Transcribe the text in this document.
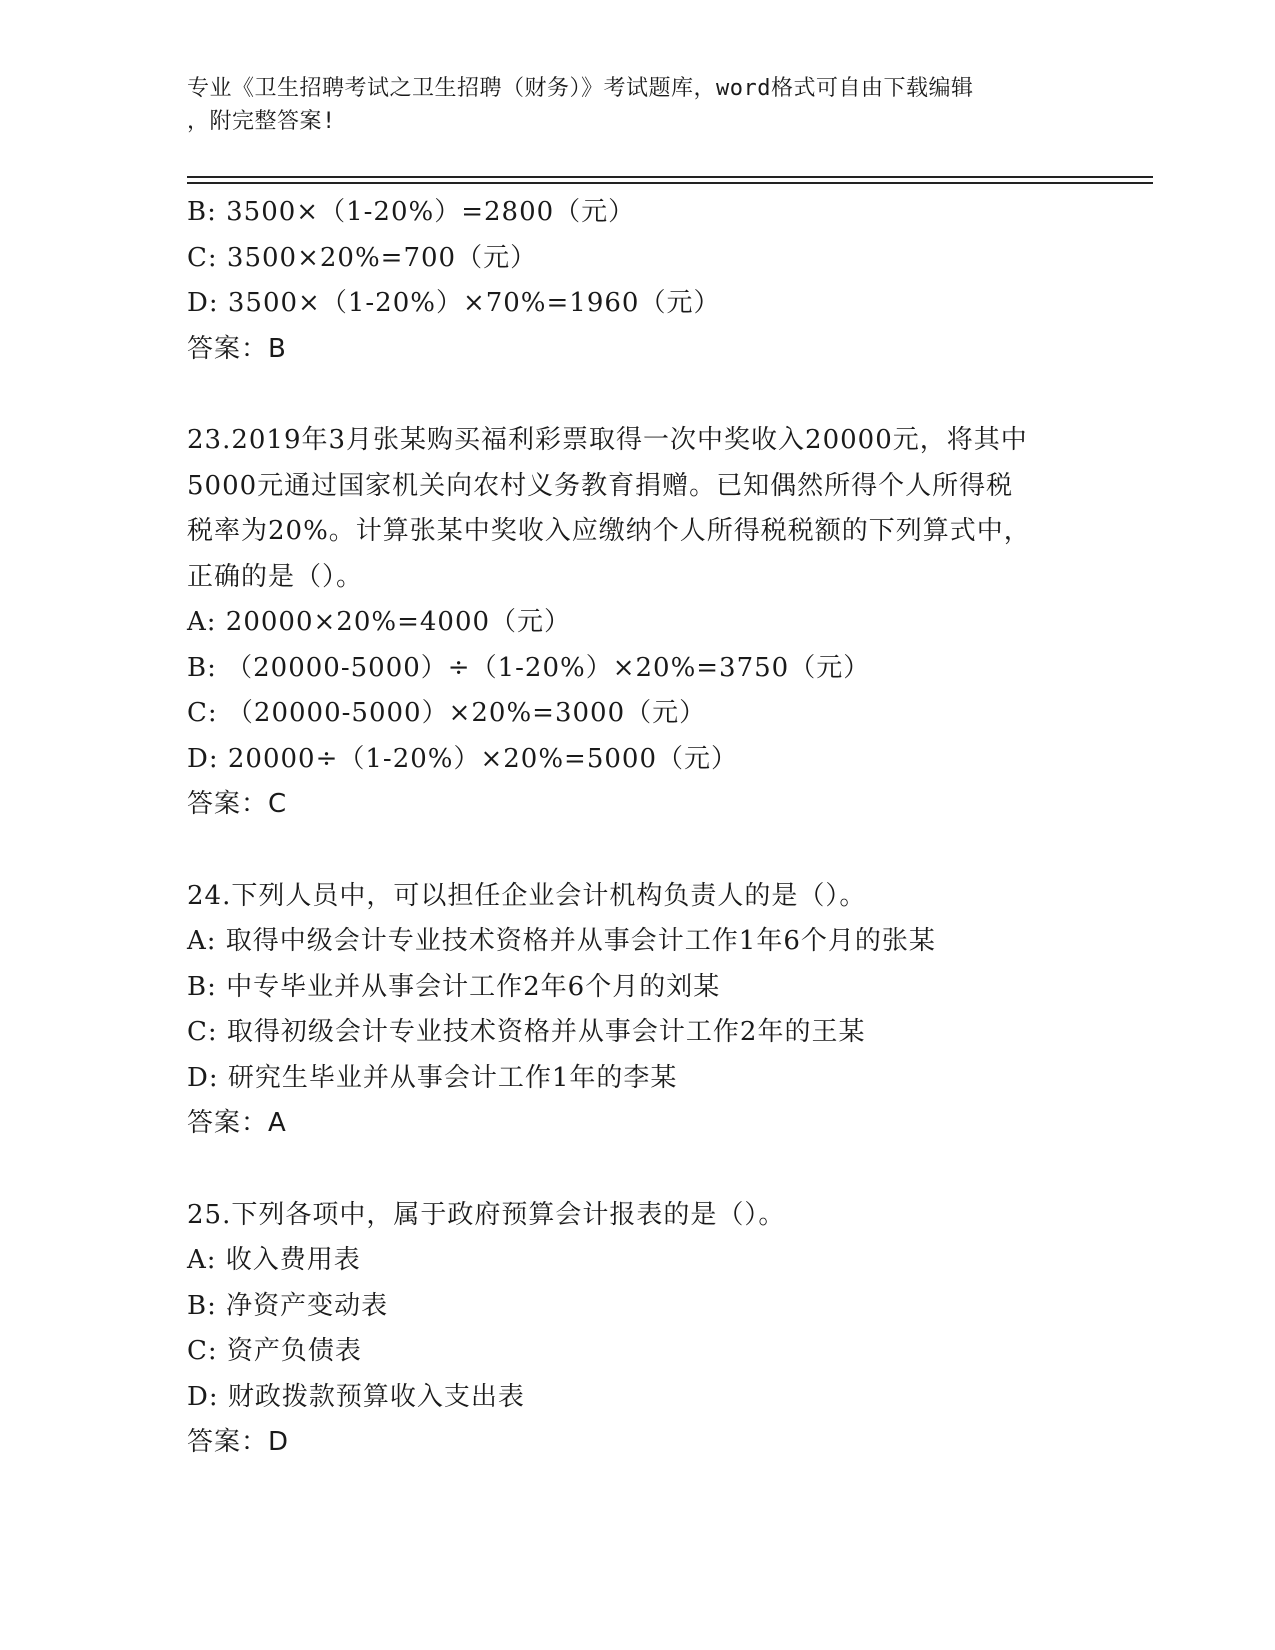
专业《卫生招聘考试之卫生招聘（财务）》考试题库，word格式可自由下载编辑
，附完整答案!
B: 3500×（1-20%）=2800（元）
C: 3500×20%=700（元）
D: 3500×（1-20%）×70%=1960（元）
答案：B
23.2019年3月张某购买福利彩票取得一次中奖收入20000元，将其中
5000元通过国家机关向农村义务教育捐赠。已知偶然所得个人所得税
税率为20%。计算张某中奖收入应缴纳个人所得税税额的下列算式中，
正确的是（）。
A: 20000×20%=4000（元）
B: （20000-5000）÷（1-20%）×20%=3750（元）
C: （20000-5000）×20%=3000（元）
D: 20000÷（1-20%）×20%=5000（元）
答案：C
24.下列人员中，可以担任企业会计机构负责人的是（）。
A: 取得中级会计专业技术资格并从事会计工作1年6个月的张某
B: 中专毕业并从事会计工作2年6个月的刘某
C: 取得初级会计专业技术资格并从事会计工作2年的王某
D: 研究生毕业并从事会计工作1年的李某
答案：A
25.下列各项中，属于政府预算会计报表的是（）。
A: 收入费用表
B: 净资产变动表
C: 资产负债表
D: 财政拨款预算收入支出表
答案：D
